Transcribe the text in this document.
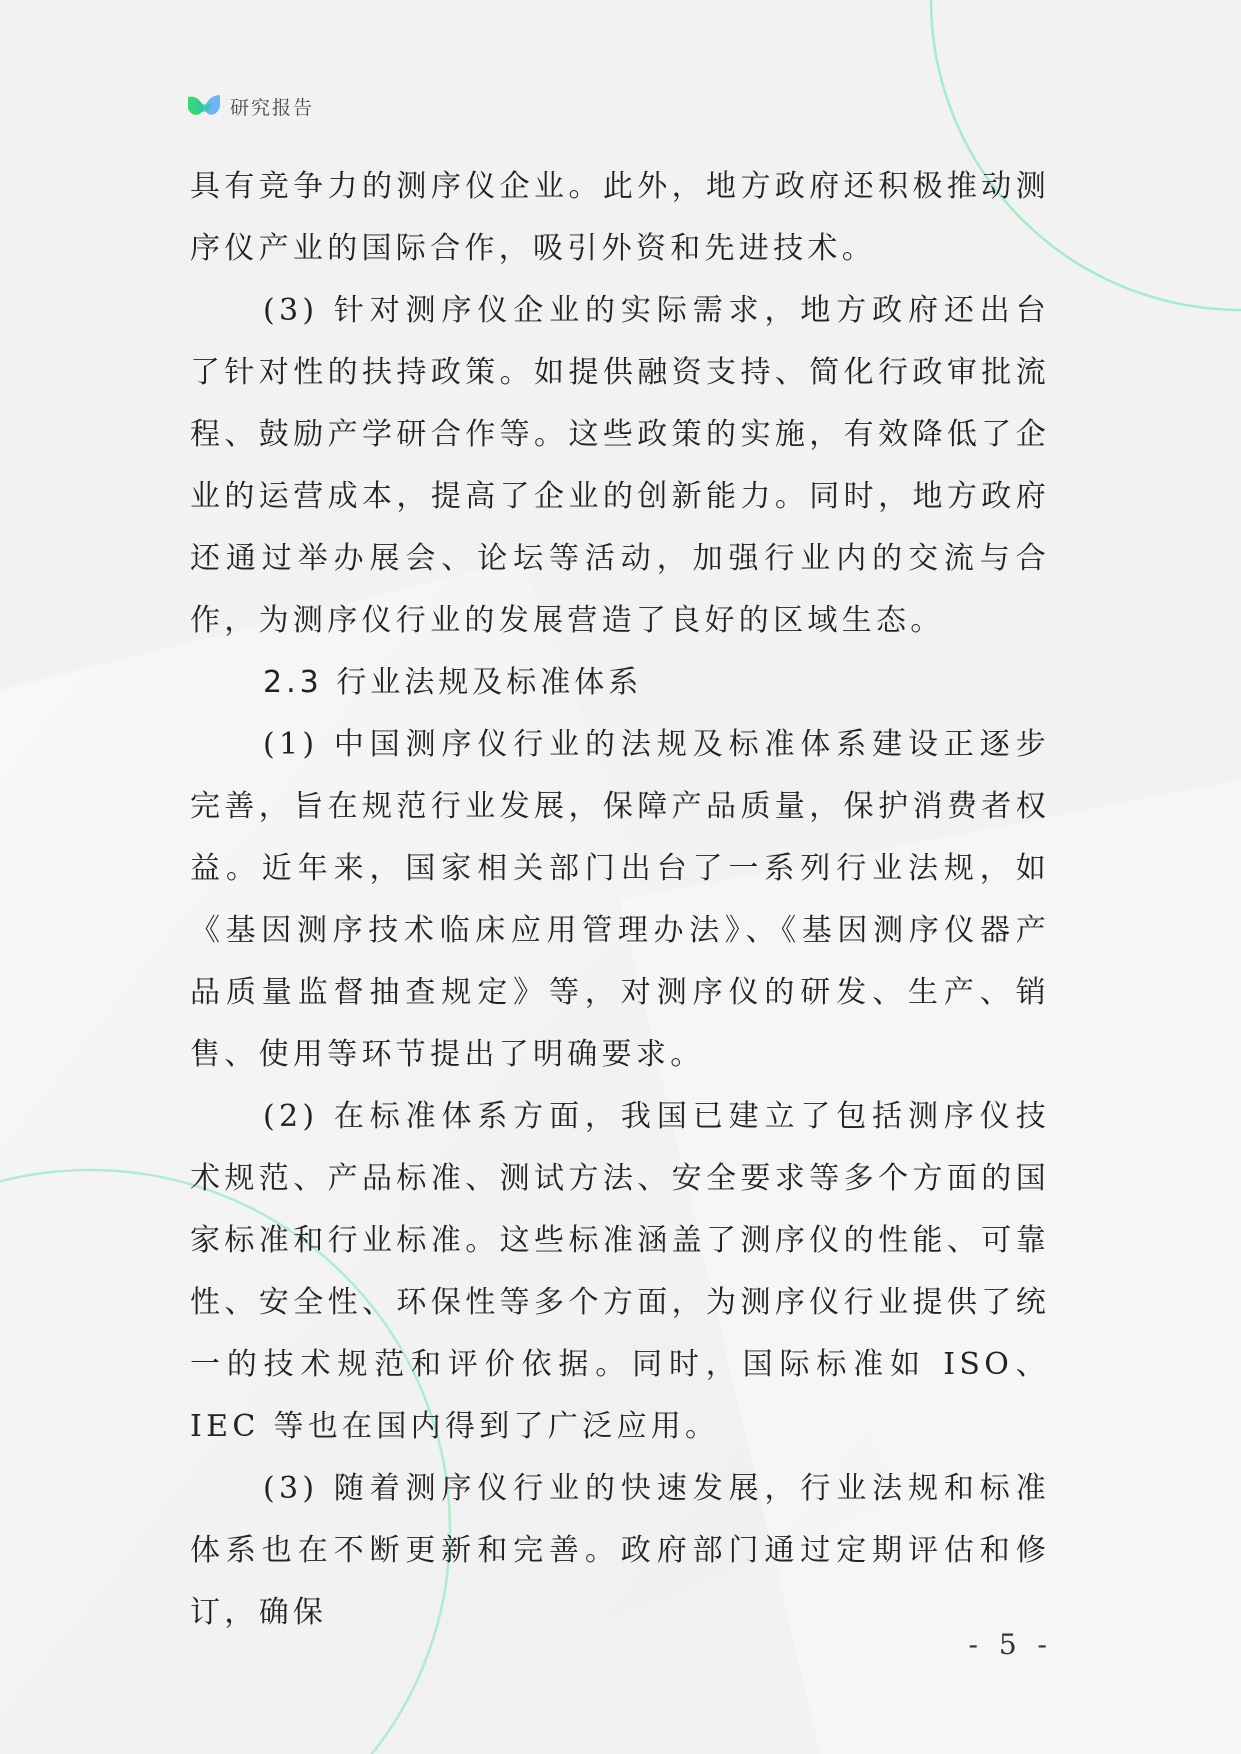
研究报告

具有竞争力的测序仪企业。此外，地方政府还积极推动测序仪产业的国际合作，吸引外资和先进技术。

(3) 针对测序仪企业的实际需求，地方政府还出台了针对性的扶持政策。如提供融资支持、简化行政审批流程、鼓励产学研合作等。这些政策的实施，有效降低了企业的运营成本，提高了企业的创新能力。同时，地方政府还通过举办展会、论坛等活动，加强行业内的交流与合作，为测序仪行业的发展营造了良好的区域生态。

2.3 行业法规及标准体系

(1) 中国测序仪行业的法规及标准体系建设正逐步完善，旨在规范行业发展，保障产品质量，保护消费者权益。近年来，国家相关部门出台了一系列行业法规，如《基因测序技术临床应用管理办法》、《基因测序仪器产品质量监督抽查规定》等，对测序仪的研发、生产、销售、使用等环节提出了明确要求。

(2) 在标准体系方面，我国已建立了包括测序仪技术规范、产品标准、测试方法、安全要求等多个方面的国家标准和行业标准。这些标准涵盖了测序仪的性能、可靠性、安全性、环保性等多个方面，为测序仪行业提供了统一的技术规范和评价依据。同时，国际标准如 ISO、IEC 等也在国内得到了广泛应用。

(3) 随着测序仪行业的快速发展，行业法规和标准体系也在不断更新和完善。政府部门通过定期评估和修订，确保

- 5 -
